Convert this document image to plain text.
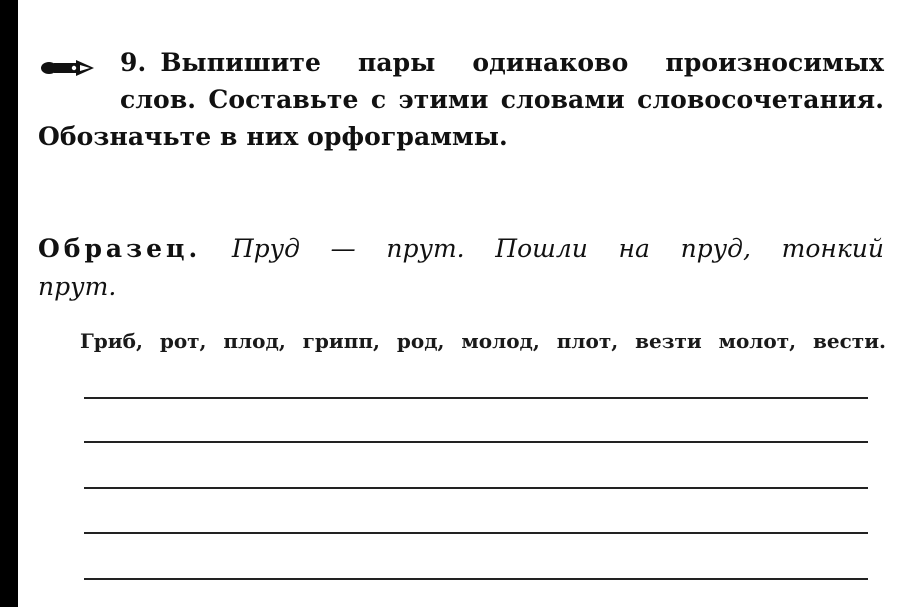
9. Выпишите пары одинаково произносимых
слов. Составьте с этими словами словосочетания.
Обозначьте в них орфограммы.
Образец. Пруд — прут. Пошли на пруд, тонкий
прут.
Гриб, рот, плод, грипп, род, молод, плот, везти молот, вести.
